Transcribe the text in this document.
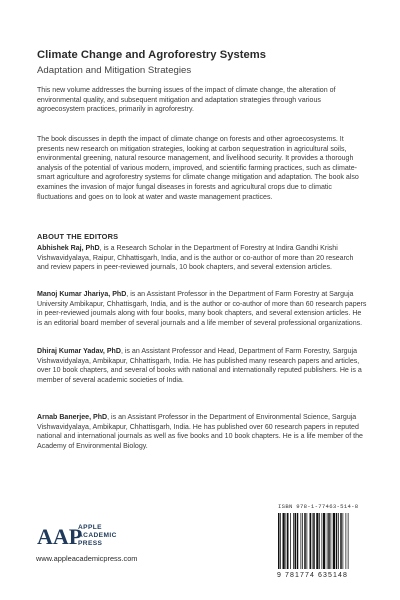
Climate Change and Agroforestry Systems
Adaptation and Mitigation Strategies

This new volume addresses the burning issues of the impact of climate change, the alteration of environmental quality, and subsequent mitigation and adaptation strategies through various agroecosystem practices, primarily in agroforestry.

The book discusses in depth the impact of climate change on forests and other agroecosystems. It presents new research on mitigation strategies, looking at carbon sequestration in agricultural soils, environmental greening, natural resource management, and livelihood security. It provides a thorough analysis of the potential of various modern, improved, and scientific farming practices, such as climate-smart agriculture and agroforestry systems for climate change mitigation and adaptation. The book also examines the invasion of major fungal diseases in forests and agricultural crops due to climatic fluctuations and goes on to look at water and waste management practices.

ABOUT THE EDITORS

Abhishek Raj, PhD, is a Research Scholar in the Department of Forestry at Indira Gandhi Krishi Vishwavidyalaya, Raipur, Chhattisgarh, India, and is the author or co-author of more than 20 research and review papers in peer-reviewed journals, 10 book chapters, and several extension articles.

Manoj Kumar Jhariya, PhD, is an Assistant Professor in the Department of Farm Forestry at Sarguja University Ambikapur, Chhattisgarh, India, and is the author or co-author of more than 60 research papers in peer-reviewed journals along with four books, many book chapters, and several extension articles. He is an editorial board member of several journals and a life member of several professional organizations.

Dhiraj Kumar Yadav, PhD, is an Assistant Professor and Head, Department of Farm Forestry, Sarguja Vishwavidyalaya, Ambikapur, Chhattisgarh, India. He has published many research papers and articles, over 10 book chapters, and several of books with national and internationally reputed publishers. He is a member of several academic societies of India.

Arnab Banerjee, PhD, is an Assistant Professor in the Department of Environmental Science, Sarguja Vishwavidyalaya, Ambikapur, Chhattisgarh, India. He has published over 60 research papers in reputed national and international journals as well as five books and 10 book chapters. He is a life member of the Academy of Environmental Biology.

AAP
APPLE
ACADEMIC
PRESS
www.appleacademicpress.com
ISBN 978-1-77463-514-8
9 781774 635148
